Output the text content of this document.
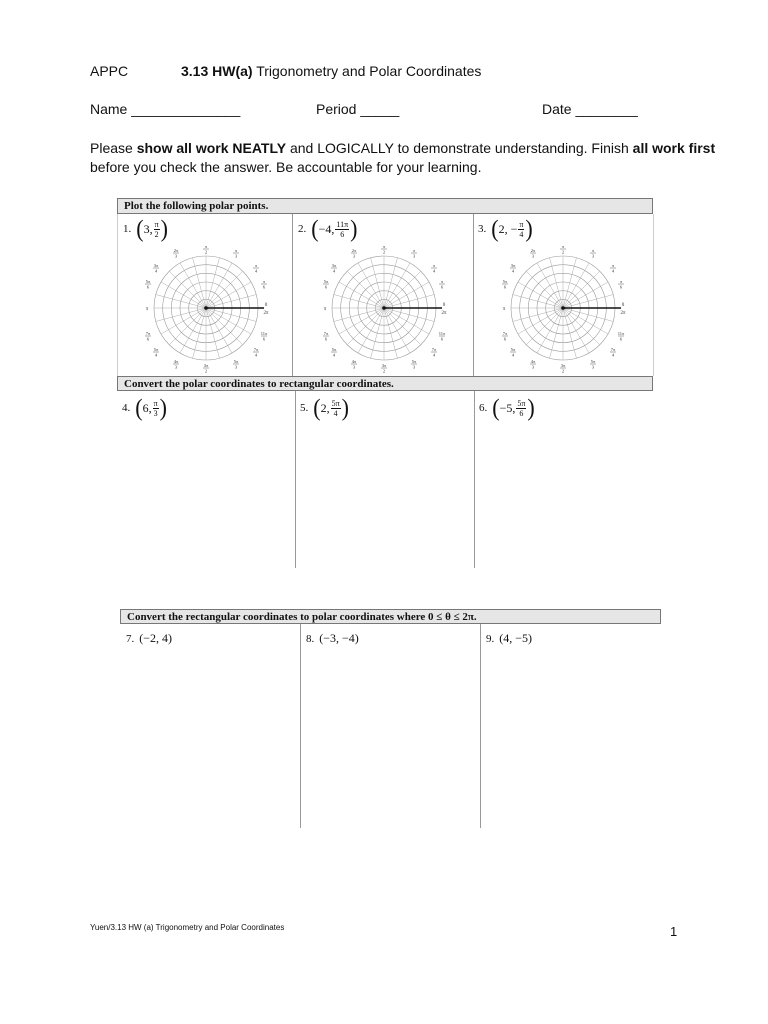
APPC	3.13 HW(a) Trigonometry and Polar Coordinates
Name ______________	Period _____	Date ________
Please show all work NEATLY and LOGICALLY to demonstrate understanding. Finish all work first
before you check the answer. Be accountable for your learning.
Plot the following polar points.
1. ( 3 , $\frac{\pi}{2}$ )	2. ( −4 , $\frac{11\pi}{6}$ )	3. ( 2 , − $\frac{\pi}{4}$ )
π
0
2π
π
2
3π
2
π
3
π
4
π
6
2π
3
3π
4
5π
6
7π
6
5π
4
4π
3
11π
6
7π
4
5π
3
π
0
2π
π
2
3π
2
π
3
π
4
π
6
2π
3
3π
4
5π
6
7π
6
5π
4
4π
3
11π
6
7π
4
5π
3
π
0
2π
π
2
3π
2
π
3
π
4
π
6
2π
3
3π
4
5π
6
7π
6
5π
4
4π
3
11π
6
7π
4
5π
3
Convert the polar coordinates to rectangular coordinates.
4. ( 6 , $\frac{\pi}{3}$ )	5. ( 2 , $\frac{5\pi}{4}$ )	6. ( −5 , $\frac{5\pi}{6}$ )
Convert the rectangular coordinates to polar coordinates where 0 ≤ θ ≤ 2π.
7. (−2, 4)	8. (−3, −4)	9. (4, −5)
Yuen/3.13 HW (a) Trigonometry and Polar Coordinates	1
